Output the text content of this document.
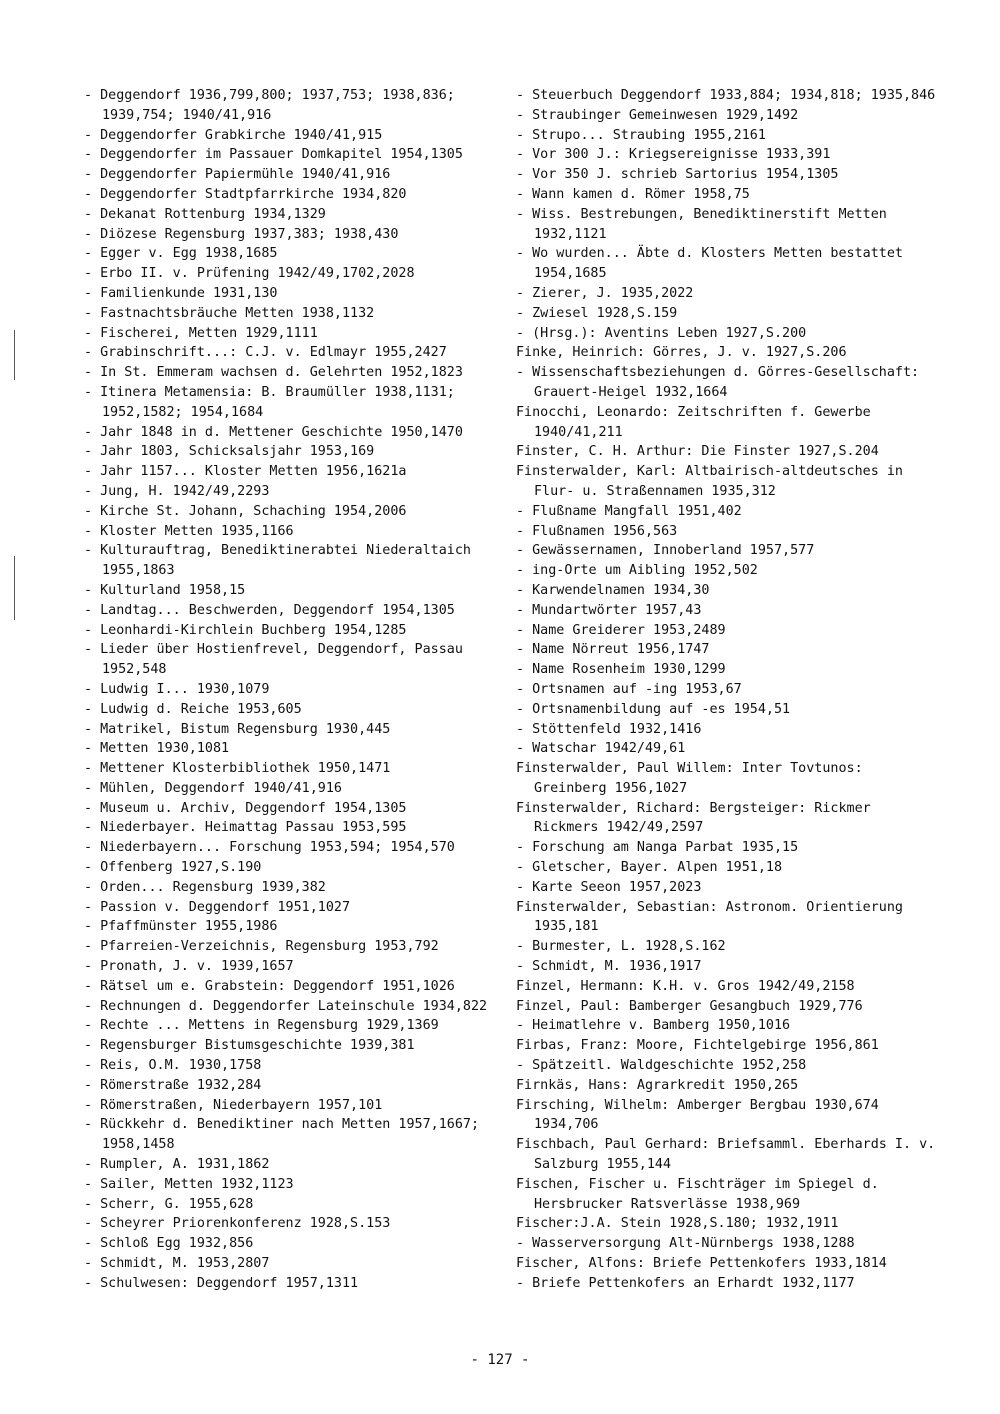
- Deggendorf 1936,799,800; 1937,753; 1938,836; 1939,754; 1940/41,916
- Deggendorfer Grabkirche 1940/41,915
- Deggendorfer im Passauer Domkapitel 1954,1305
- Deggendorfer Papiermühle 1940/41,916
- Deggendorfer Stadtpfarrkirche 1934,820
- Dekanat Rottenburg 1934,1329
- Diözese Regensburg 1937,383; 1938,430
- Egger v. Egg 1938,1685
- Erbo II. v. Prüfening 1942/49,1702,2028
- Familienkunde 1931,130
- Fastnachtsbräuche Metten 1938,1132
- Fischerei, Metten 1929,1111
- Grabinschrift...: C.J. v. Edlmayr 1955,2427
- In St. Emmeram wachsen d. Gelehrten 1952,1823
- Itinera Metamensia: B. Braumüller 1938,1131; 1952,1582; 1954,1684
- Jahr 1848 in d. Mettener Geschichte 1950,1470
- Jahr 1803, Schicksalsjahr 1953,169
- Jahr 1157... Kloster Metten 1956,1621a
- Jung, H. 1942/49,2293
- Kirche St. Johann, Schaching 1954,2006
- Kloster Metten 1935,1166
- Kulturauftrag, Benediktinerabtei Niederaltaich 1955,1863
- Kulturland 1958,15
- Landtag... Beschwerden, Deggendorf 1954,1305
- Leonhardi-Kirchlein Buchberg 1954,1285
- Lieder über Hostienfrevel, Deggendorf, Passau 1952,548
- Ludwig I... 1930,1079
- Ludwig d. Reiche 1953,605
- Matrikel, Bistum Regensburg 1930,445
- Metten 1930,1081
- Mettener Klosterbibliothek 1950,1471
- Mühlen, Deggendorf 1940/41,916
- Museum u. Archiv, Deggendorf 1954,1305
- Niederbayer. Heimattag Passau 1953,595
- Niederbayern... Forschung 1953,594; 1954,570
- Offenberg 1927,S.190
- Orden... Regensburg 1939,382
- Passion v. Deggendorf 1951,1027
- Pfaffmünster 1955,1986
- Pfarreien-Verzeichnis, Regensburg 1953,792
- Pronath, J. v. 1939,1657
- Rätsel um e. Grabstein: Deggendorf 1951,1026
- Rechnungen d. Deggendorfer Lateinschule 1934,822
- Rechte ... Mettens in Regensburg 1929,1369
- Regensburger Bistumsgeschichte 1939,381
- Reis, O.M. 1930,1758
- Römerstraße 1932,284
- Römerstraßen, Niederbayern 1957,101
- Rückkehr d. Benediktiner nach Metten 1957,1667; 1958,1458
- Rumpler, A. 1931,1862
- Sailer, Metten 1932,1123
- Scherr, G. 1955,628
- Scheyrer Priorenkonferenz 1928,S.153
- Schloß Egg 1932,856
- Schmidt, M. 1953,2807
- Schulwesen: Deggendorf 1957,1311
- Steuerbuch Deggendorf 1933,884; 1934,818; 1935,846
- Straubinger Gemeinwesen 1929,1492
- Strupo... Straubing 1955,2161
- Vor 300 J.: Kriegsereignisse 1933,391
- Vor 350 J. schrieb Sartorius 1954,1305
- Wann kamen d. Römer 1958,75
- Wiss. Bestrebungen, Benediktinerstift Metten 1932,1121
- Wo wurden... Äbte d. Klosters Metten bestattet 1954,1685
- Zierer, J. 1935,2022
- Zwiesel 1928,S.159
- (Hrsg.): Aventins Leben 1927,S.200
Finke, Heinrich: Görres, J. v. 1927,S.206
- Wissenschaftsbeziehungen d. Görres-Gesellschaft: Grauert-Heigel 1932,1664
Finocchi, Leonardo: Zeitschriften f. Gewerbe 1940/41,211
Finster, C. H. Arthur: Die Finster 1927,S.204
Finsterwalder, Karl: Altbairisch-altdeutsches in Flur- u. Straßennamen 1935,312
- Flußname Mangfall 1951,402
- Flußnamen 1956,563
- Gewässernamen, Innoberland 1957,577
- ing-Orte um Aibling 1952,502
- Karwendelnamen 1934,30
- Mundartwörter 1957,43
- Name Greiderer 1953,2489
- Name Nörreut 1956,1747
- Name Rosenheim 1930,1299
- Ortsnamen auf -ing 1953,67
- Ortsnamenbildung auf -es 1954,51
- Stöttenfeld 1932,1416
- Watschar 1942/49,61
Finsterwalder, Paul Willem: Inter Tovtunos: Greinberg 1956,1027
Finsterwalder, Richard: Bergsteiger: Rickmer Rickmers 1942/49,2597
- Forschung am Nanga Parbat 1935,15
- Gletscher, Bayer. Alpen 1951,18
- Karte Seeon 1957,2023
Finsterwalder, Sebastian: Astronom. Orientierung 1935,181
- Burmester, L. 1928,S.162
- Schmidt, M. 1936,1917
Finzel, Hermann: K.H. v. Gros 1942/49,2158
Finzel, Paul: Bamberger Gesangbuch 1929,776
- Heimatlehre v. Bamberg 1950,1016
Firbas, Franz: Moore, Fichtelgebirge 1956,861
- Spätzeitl. Waldgeschichte 1952,258
Firnkäs, Hans: Agrarkredit 1950,265
Firsching, Wilhelm: Amberger Bergbau 1930,674 1934,706
Fischbach, Paul Gerhard: Briefsamml. Eberhards I. v. Salzburg 1955,144
Fischen, Fischer u. Fischträger im Spiegel d. Hersbrucker Ratsverlässe 1938,969
Fischer:J.A. Stein 1928,S.180; 1932,1911
- Wasserversorgung Alt-Nürnbergs 1938,1288
Fischer, Alfons: Briefe Pettenkofers 1933,1814
- Briefe Pettenkofers an Erhardt 1932,1177
- 127 -
